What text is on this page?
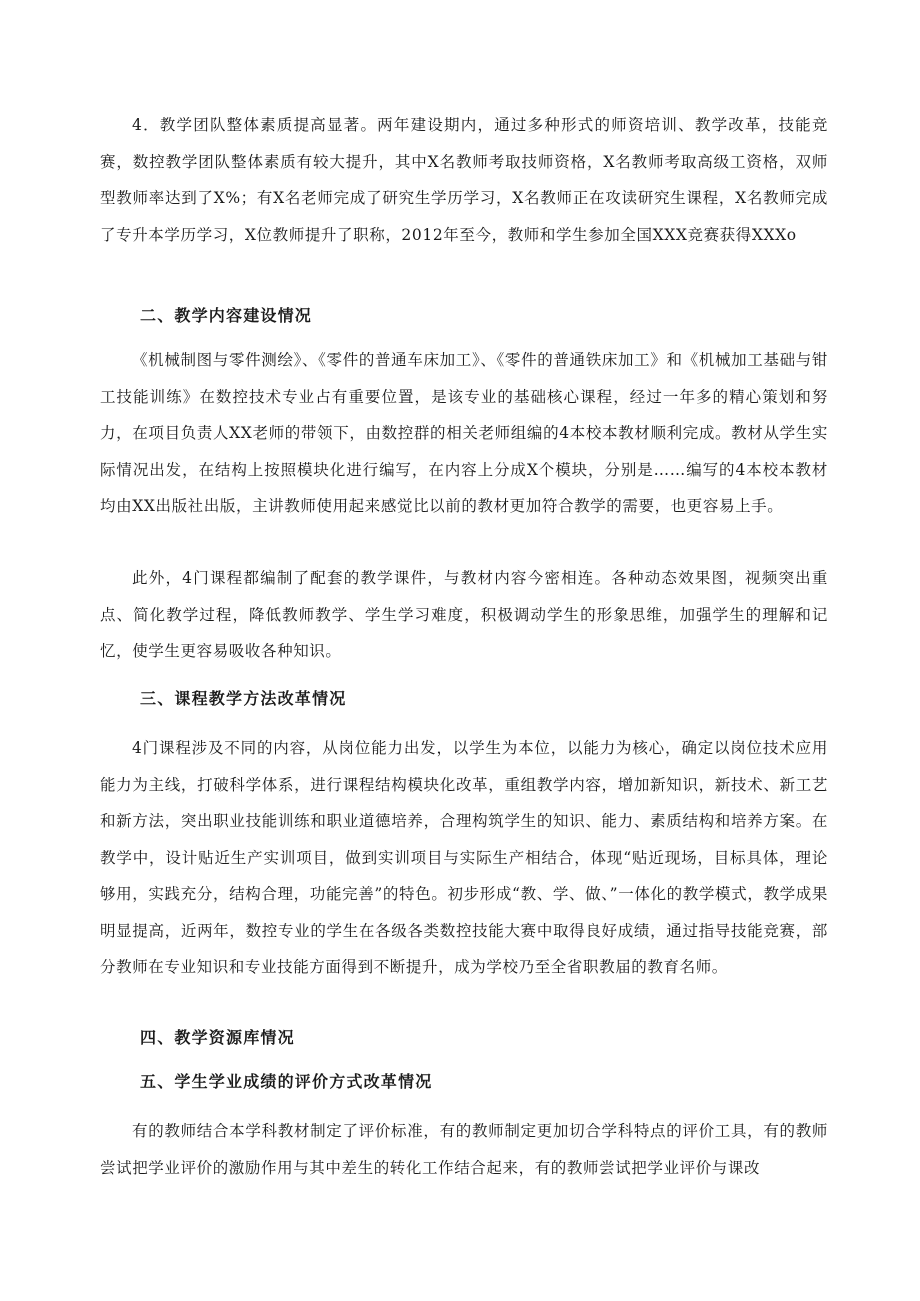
4．教学团队整体素质提高显著。两年建设期内，通过多种形式的师资培训、教学改革，技能竞赛，数控教学团队整体素质有较大提升，其中X名教师考取技师资格，X名教师考取高级工资格，双师型教师率达到了X%；有X名老师完成了研究生学历学习，X名教师正在攻读研究生课程，X名教师完成了专升本学历学习，X位教师提升了职称，2012年至今，教师和学生参加全国XXX竞赛获得XXXo

二、教学内容建设情况

《机械制图与零件测绘》、《零件的普通车床加工》、《零件的普通铁床加工》和《机械加工基础与钳工技能训练》在数控技术专业占有重要位置，是该专业的基础核心课程，经过一年多的精心策划和努力，在项目负责人XX老师的带领下，由数控群的相关老师组编的4本校本教材顺利完成。教材从学生实际情况出发，在结构上按照模块化进行编写，在内容上分成X个模块，分别是……编写的4本校本教材均由XX出版社出版，主讲教师使用起来感觉比以前的教材更加符合教学的需要，也更容易上手。

此外，4门课程都编制了配套的教学课件，与教材内容今密相连。各种动态效果图，视频突出重点、简化教学过程，降低教师教学、学生学习难度，积极调动学生的形象思维，加强学生的理解和记忆，使学生更容易吸收各种知识。

三、课程教学方法改革情况

4门课程涉及不同的内容，从岗位能力出发，以学生为本位，以能力为核心，确定以岗位技术应用能力为主线，打破科学体系，进行课程结构模块化改革，重组教学内容，增加新知识，新技术、新工艺和新方法，突出职业技能训练和职业道德培养，合理构筑学生的知识、能力、素质结构和培养方案。在教学中，设计贴近生产实训项目，做到实训项目与实际生产相结合，体现“贴近现场，目标具体，理论够用，实践充分，结构合理，功能完善”的特色。初步形成“教、学、做、”一体化的教学模式，教学成果明显提高，近两年，数控专业的学生在各级各类数控技能大赛中取得良好成绩，通过指导技能竞赛，部分教师在专业知识和专业技能方面得到不断提升，成为学校乃至全省职教届的教育名师。

四、教学资源库情况
五、学生学业成绩的评价方式改革情况

有的教师结合本学科教材制定了评价标准，有的教师制定更加切合学科特点的评价工具，有的教师尝试把学业评价的激励作用与其中差生的转化工作结合起来，有的教师尝试把学业评价与课改
